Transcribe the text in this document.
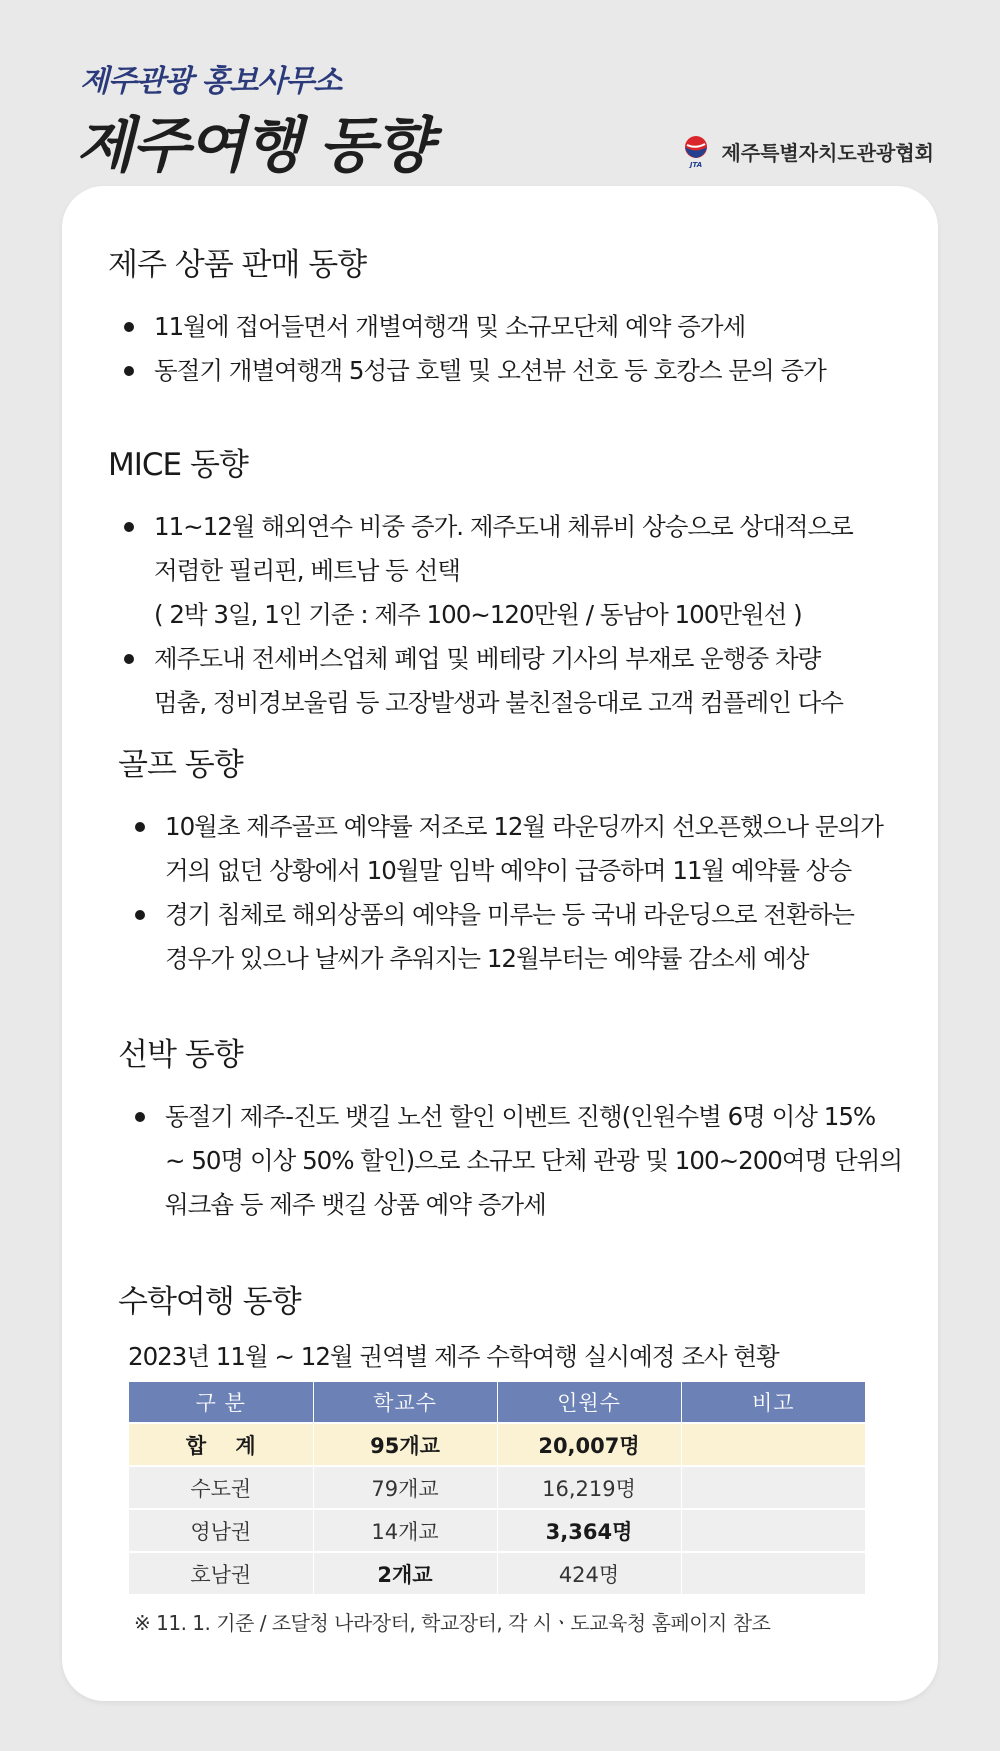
제주관광 홍보사무소
제주여행 동향	JTA
제주특별자치도관광협회
제주 상품 판매 동향
11월에 접어들면서 개별여행객 및 소규모단체 예약 증가세
동절기 개별여행객 5성급 호텔 및 오션뷰 선호 등 호캉스 문의 증가
MICE 동향
11~12월 해외연수 비중 증가. 제주도내 체류비 상승으로 상대적으로
저렴한 필리핀, 베트남 등 선택
( 2박 3일, 1인 기준 : 제주 100~120만원 / 동남아 100만원선 )
제주도내 전세버스업체 폐업 및 베테랑 기사의 부재로 운행중 차량
멈춤, 정비경보울림 등 고장발생과 불친절응대로 고객 컴플레인 다수
골프 동향
10월초 제주골프 예약률 저조로 12월 라운딩까지 선오픈했으나 문의가
거의 없던 상황에서 10월말 임박 예약이 급증하며 11월 예약률 상승
경기 침체로 해외상품의 예약을 미루는 등 국내 라운딩으로 전환하는
경우가 있으나 날씨가 추워지는 12월부터는 예약률 감소세 예상
선박 동향
동절기 제주-진도 뱃길 노선 할인 이벤트 진행(인원수별 6명 이상 15%
~ 50명 이상 50% 할인)으로 소규모 단체 관광 및 100~200여명 단위의
워크숍 등 제주 뱃길 상품 예약 증가세
수학여행 동향
2023년 11월 ~ 12월 권역별 제주 수학여행 실시예정 조사 현황
구 분	학교수	인원수	비고
합    계	95개교	20,007명	
수도권	79개교	16,219명	
영남권	14개교	3,364명	
호남권	2개교	424명	
※ 11. 1. 기준 / 조달청 나라장터, 학교장터, 각 시ㆍ도교육청 홈페이지 참조
